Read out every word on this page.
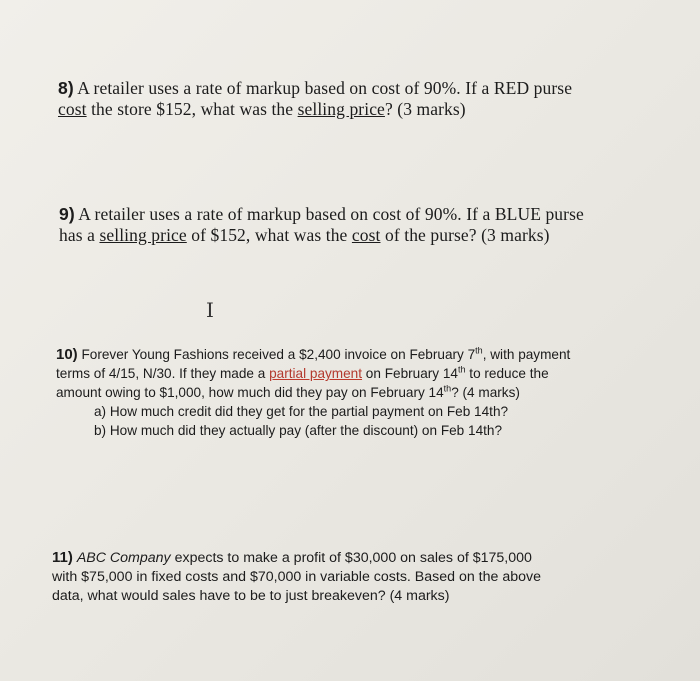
8) A retailer uses a rate of markup based on cost of 90%. If a RED purse
cost the store $152, what was the selling price? (3 marks)
9) A retailer uses a rate of markup based on cost of 90%. If a BLUE purse
has a selling price of $152, what was the cost of the purse? (3 marks)
I
10) Forever Young Fashions received a $2,400 invoice on February 7th, with payment
terms of 4/15, N/30. If they made a partial payment on February 14th to reduce the
amount owing to $1,000, how much did they pay on February 14th? (4 marks)
a) How much credit did they get for the partial payment on Feb 14th?
b) How much did they actually pay (after the discount) on Feb 14th?
11) ABC Company expects to make a profit of $30,000 on sales of $175,000
with $75,000 in fixed costs and $70,000 in variable costs. Based on the above
data, what would sales have to be to just breakeven? (4 marks)
